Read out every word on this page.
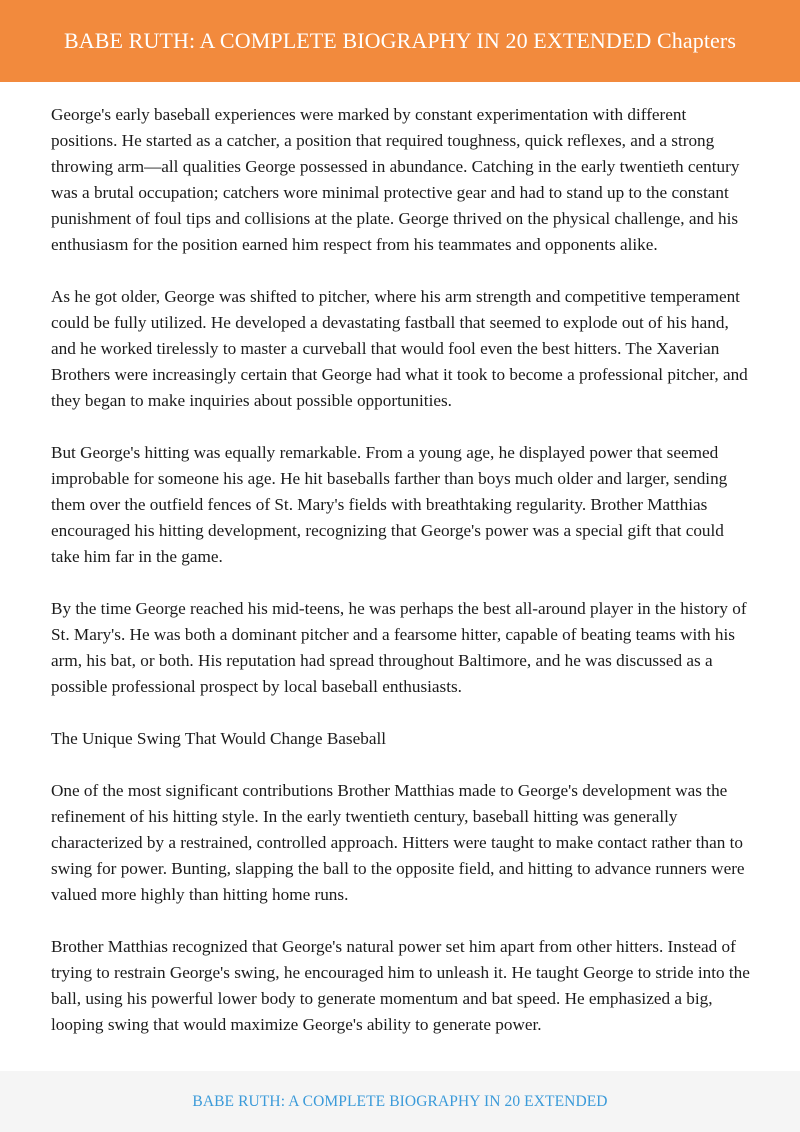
BABE RUTH: A COMPLETE BIOGRAPHY IN 20 EXTENDED Chapters

George's early baseball experiences were marked by constant experimentation with different positions. He started as a catcher, a position that required toughness, quick reflexes, and a strong throwing arm—all qualities George possessed in abundance. Catching in the early twentieth century was a brutal occupation; catchers wore minimal protective gear and had to stand up to the constant punishment of foul tips and collisions at the plate. George thrived on the physical challenge, and his enthusiasm for the position earned him respect from his teammates and opponents alike.

As he got older, George was shifted to pitcher, where his arm strength and competitive temperament could be fully utilized. He developed a devastating fastball that seemed to explode out of his hand, and he worked tirelessly to master a curveball that would fool even the best hitters. The Xaverian Brothers were increasingly certain that George had what it took to become a professional pitcher, and they began to make inquiries about possible opportunities.

But George's hitting was equally remarkable. From a young age, he displayed power that seemed improbable for someone his age. He hit baseballs farther than boys much older and larger, sending them over the outfield fences of St. Mary's fields with breathtaking regularity. Brother Matthias encouraged his hitting development, recognizing that George's power was a special gift that could take him far in the game.

By the time George reached his mid-teens, he was perhaps the best all-around player in the history of St. Mary's. He was both a dominant pitcher and a fearsome hitter, capable of beating teams with his arm, his bat, or both. His reputation had spread throughout Baltimore, and he was discussed as a possible professional prospect by local baseball enthusiasts.

The Unique Swing That Would Change Baseball

One of the most significant contributions Brother Matthias made to George's development was the refinement of his hitting style. In the early twentieth century, baseball hitting was generally characterized by a restrained, controlled approach. Hitters were taught to make contact rather than to swing for power. Bunting, slapping the ball to the opposite field, and hitting to advance runners were valued more highly than hitting home runs.

Brother Matthias recognized that George's natural power set him apart from other hitters. Instead of trying to restrain George's swing, he encouraged him to unleash it. He taught George to stride into the ball, using his powerful lower body to generate momentum and bat speed. He emphasized a big, looping swing that would maximize George's ability to generate power.

BABE RUTH: A COMPLETE BIOGRAPHY IN 20 EXTENDED
